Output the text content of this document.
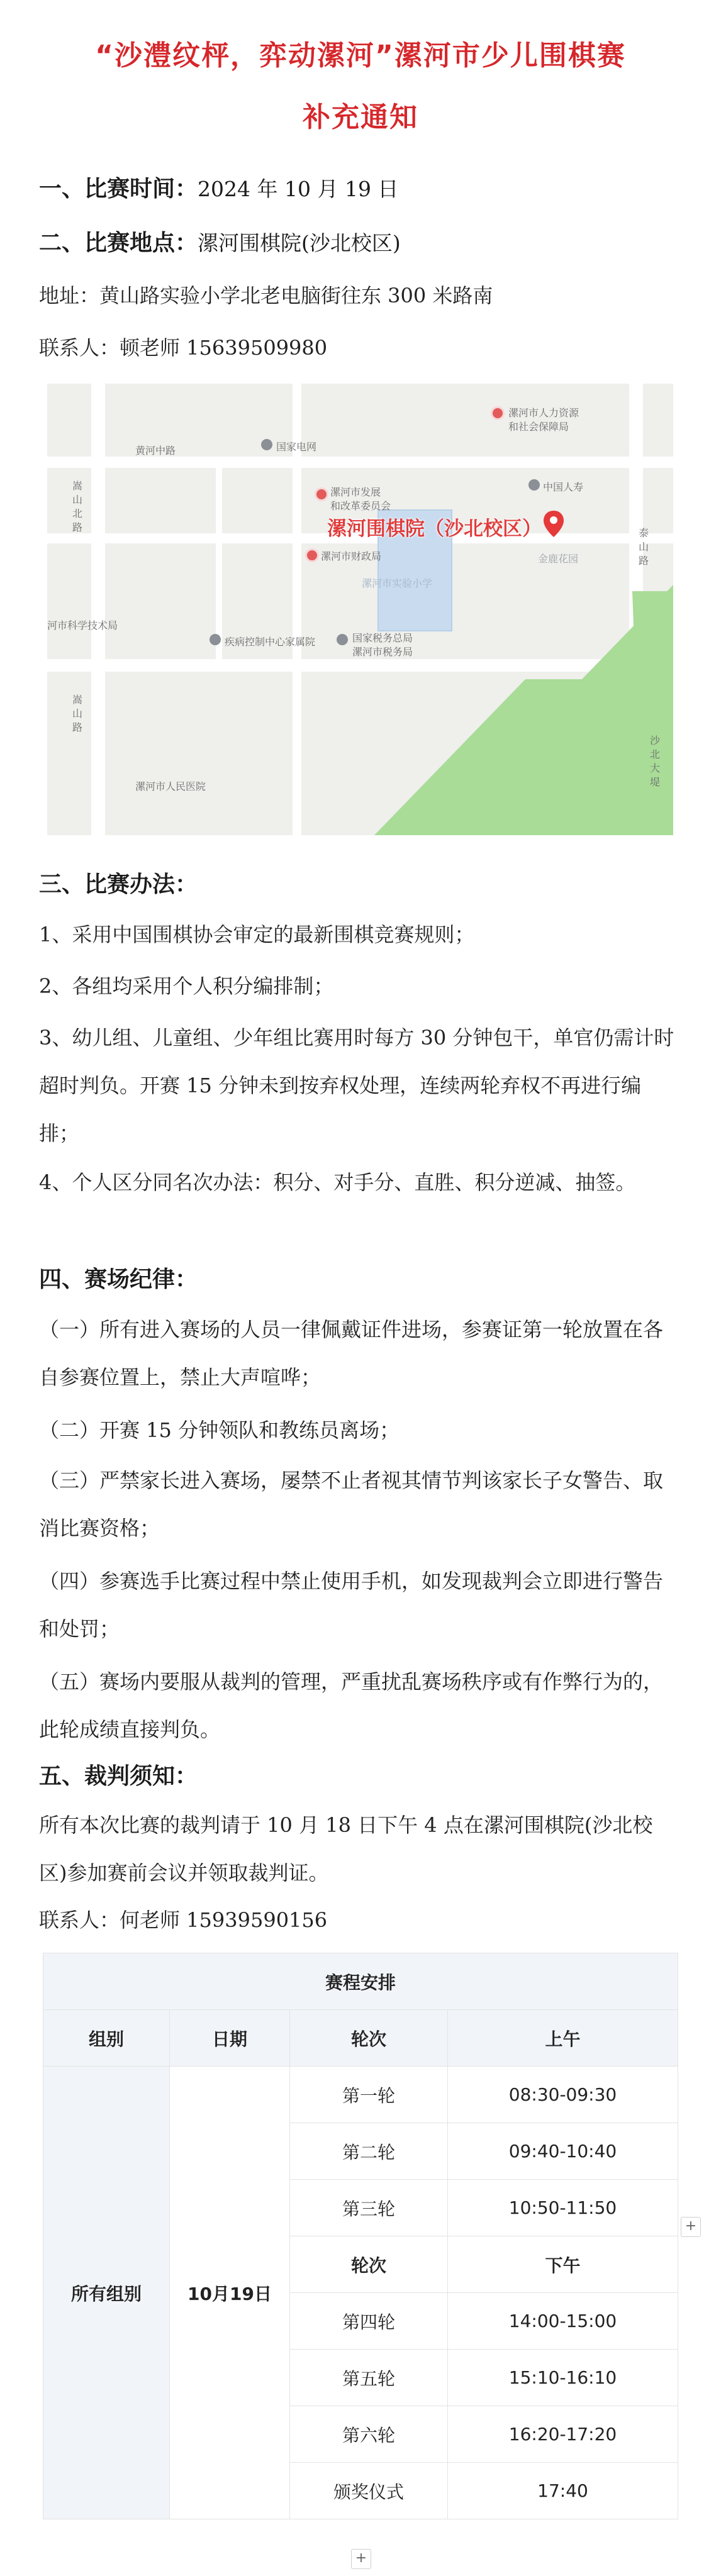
“沙澧纹枰，弈动漯河”漯河市少儿围棋赛
补充通知
一、比赛时间：2024 年 10 月 19 日
二、比赛地点：漯河围棋院(沙北校区)
地址：黄山路实验小学北老电脑街往东 300 米路南
联系人：顿老师 15639509980
国家电网
漯河市人力资源
和社会保障局
黄河中路
嵩
山
北
路
漯河市发展
和改革委员会
中国人寿
漯河围棋院（沙北校区）
漯河市财政局
泰
山
路
金鹿花园
漯河市实验小学
河市科学技术局
疾病控制中心家属院	国家税务总局
漯河市税务局
嵩
山
路
漯河市人民医院
沙
北
大
堤
三、比赛办法：
1、采用中国围棋协会审定的最新围棋竞赛规则；
2、各组均采用个人积分编排制；
3、幼儿组、儿童组、少年组比赛用时每方 30 分钟包干，单官仍需计时超时判负。开赛 15 分钟未到按弃权处理，连续两轮弃权不再进行编排；
4、个人区分同名次办法：积分、对手分、直胜、积分逆减、抽签。
四、赛场纪律：
（一）所有进入赛场的人员一律佩戴证件进场，参赛证第一轮放置在各自参赛位置上，禁止大声喧哗；
（二）开赛 15 分钟领队和教练员离场；
（三）严禁家长进入赛场，屡禁不止者视其情节判该家长子女警告、取消比赛资格；
（四）参赛选手比赛过程中禁止使用手机，如发现裁判会立即进行警告和处罚；
（五）赛场内要服从裁判的管理，严重扰乱赛场秩序或有作弊行为的，此轮成绩直接判负。
五、裁判须知：
所有本次比赛的裁判请于 10 月 18 日下午 4 点在漯河围棋院(沙北校区)参加赛前会议并领取裁判证。
联系人：何老师 15939590156
赛程安排			
组别	日期	轮次	上午
所有组别	10月19日	第一轮	08:30-09:30
		第二轮	09:40-10:40
		第三轮	10:50-11:50
		轮次	下午
		第四轮	14:00-15:00
		第五轮	15:10-16:10
		第六轮	16:20-17:20
		颁奖仪式	17:40
+
+
